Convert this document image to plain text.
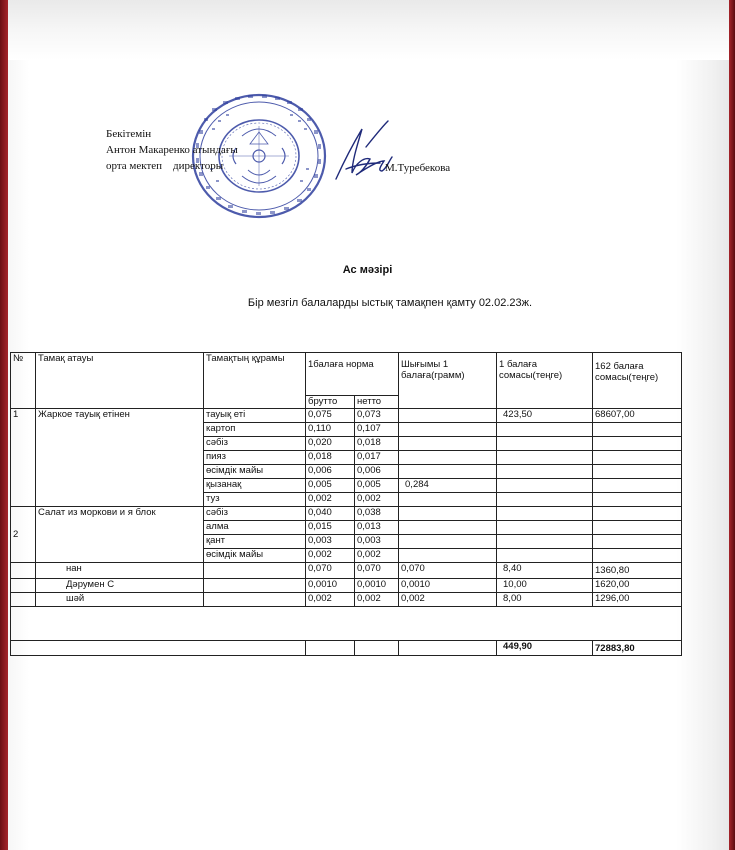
Бекітемін
Антон Макаренко атындағы
орта мектеп    директоры	М.Туребекова
Ас мәзірі
Бір мезгіл балаларды ыстық тамақпен қамту 02.02.23ж.
№	Тамақ атауы	Тамақтың құрамы	1балаға норма		Шығымы 1 балаға(грамм)	1 балаға сомасы(теңге)	162 балаға сомасы(теңге)
			брутто	нетто			
1	Жаркое тауық етінен	тауық еті	0,075	0,073		423,50	68607,00
		картоп	0,110	0,107			
		сәбіз	0,020	0,018			
		пияз	0,018	0,017			
		өсімдік майы	0,006	0,006			
		қызанақ	0,005	0,005	0,284		
		туз	0,002	0,002			
2	Салат из моркови и я блок	сәбіз	0,040	0,038			
		алма	0,015	0,013			
		қант	0,003	0,003			
		өсімдік майы	0,002	0,002			
	нан		0,070	0,070	0,070	8,40	1360,80
	Дәрумен С		0,0010	0,0010	0,0010	10,00	1620,00
	шәй		0,002	0,002	0,002	8,00	1296,00

						449,90	72883,80
